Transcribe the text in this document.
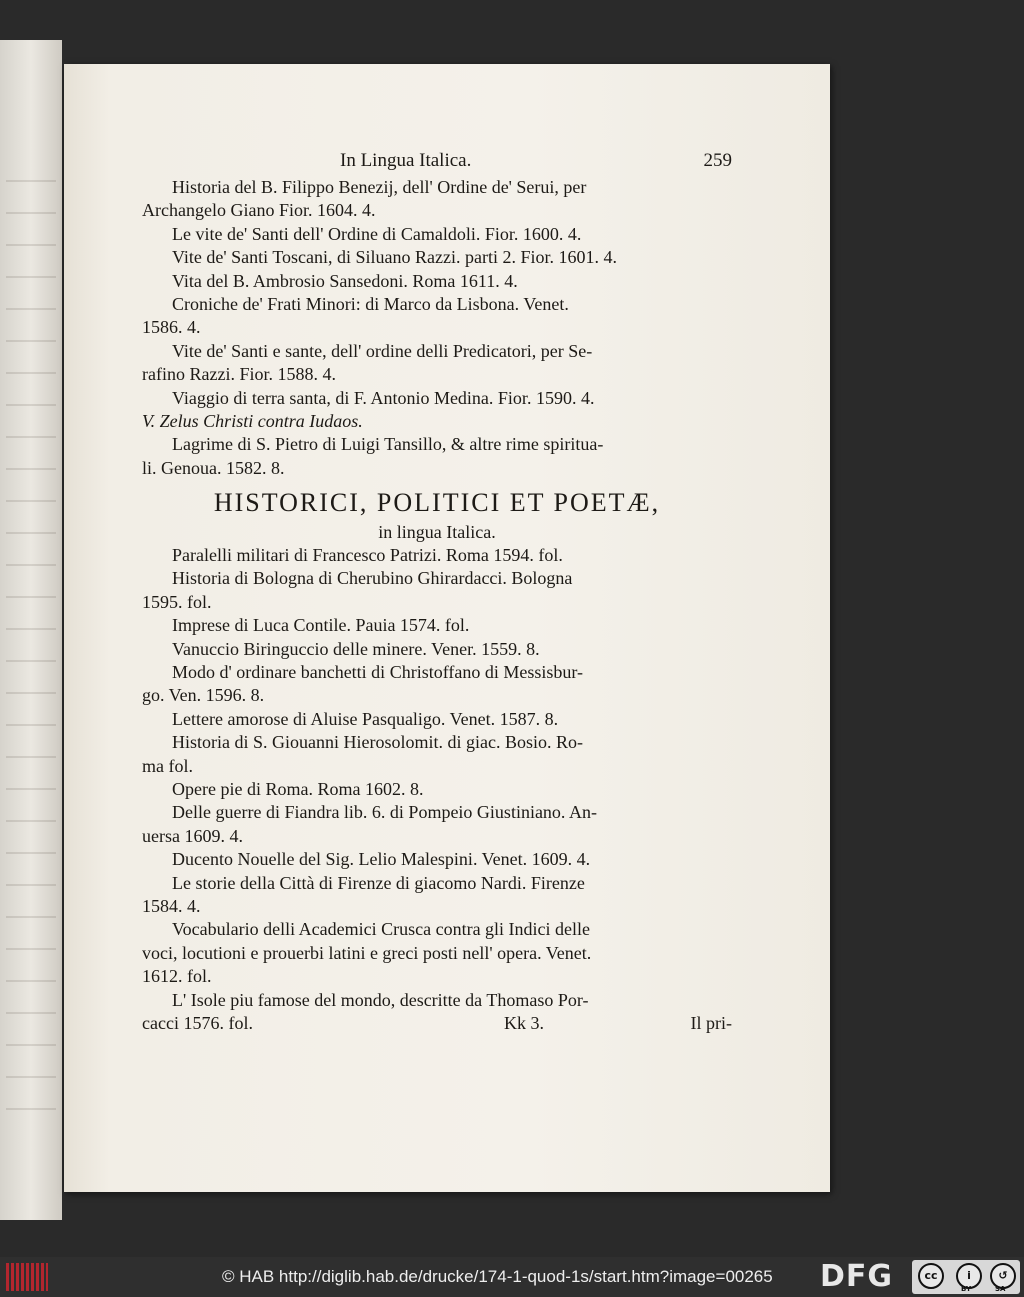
In Lingua Italica.	259
Historia del B. Filippo Benezij, dell' Ordine de' Serui, per
Archangelo Giano Fior. 1604. 4.
Le vite de' Santi dell' Ordine di Camaldoli. Fior. 1600. 4.
Vite de' Santi Toscani, di Siluano Razzi. parti 2. Fior. 1601. 4.
Vita del B. Ambrosio Sansedoni. Roma 1611. 4.
Croniche de' Frati Minori: di Marco da Lisbona. Venet.
1586. 4.
Vite de' Santi e sante, dell' ordine delli Predicatori, per Se-
rafino Razzi. Fior. 1588. 4.
Viaggio di terra santa, di F. Antonio Medina. Fior. 1590. 4.
V. Zelus Christi contra Iudaos.
Lagrime di S. Pietro di Luigi Tansillo, & altre rime spiritua-
li. Genoua. 1582. 8.
HISTORICI, POLITICI ET POETÆ,
in lingua Italica.
Paralelli militari di Francesco Patrizi. Roma 1594. fol.
Historia di Bologna di Cherubino Ghirardacci. Bologna
1595. fol.
Imprese di Luca Contile. Pauia 1574. fol.
Vanuccio Biringuccio delle minere. Vener. 1559. 8.
Modo d' ordinare banchetti di Christoffano di Messisbur-
go. Ven. 1596. 8.
Lettere amorose di Aluise Pasqualigo. Venet. 1587. 8.
Historia di S. Giouanni Hierosolomit. di giac. Bosio. Ro-
ma fol.
Opere pie di Roma. Roma 1602. 8.
Delle guerre di Fiandra lib. 6. di Pompeio Giustiniano. An-
uersa 1609. 4.
Ducento Nouelle del Sig. Lelio Malespini. Venet. 1609. 4.
Le storie della Città di Firenze di giacomo Nardi. Firenze
1584. 4.
Vocabulario delli Academici Crusca contra gli Indici delle
voci, locutioni e prouerbi latini e greci posti nell' opera. Venet.
1612. fol.
L' Isole piu famose del mondo, descritte da Thomaso Por-
cacci 1576. fol.	Kk 3.	Il pri-
© HAB http://diglib.hab.de/drucke/174-1-quod-1s/start.htm?image=00265 DFG	cc	i	↺
BY	SA
